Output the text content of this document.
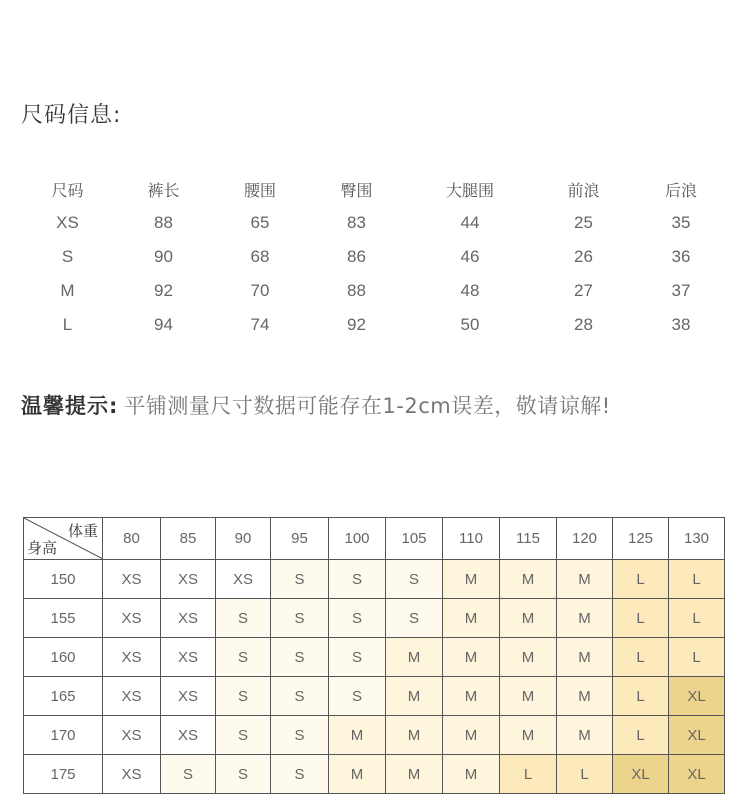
尺码信息:
尺码	裤长	腰围	臀围	大腿围	前浪	后浪
XS	88	65	83	44	25	35
S	90	68	86	46	26	36
M	92	70	88	48	27	37
L	94	74	92	50	28	38
温馨提示: 平铺测量尺寸数据可能存在1-2cm误差，敬请谅解!
体重
身高	80	85	90	95	100	105	110	115	120	125	130
150	XS	XS	XS	S	S	S	M	M	M	L	L
155	XS	XS	S	S	S	S	M	M	M	L	L
160	XS	XS	S	S	S	M	M	M	M	L	L
165	XS	XS	S	S	S	M	M	M	M	L	XL
170	XS	XS	S	S	M	M	M	M	M	L	XL
175	XS	S	S	S	M	M	M	L	L	XL	XL
